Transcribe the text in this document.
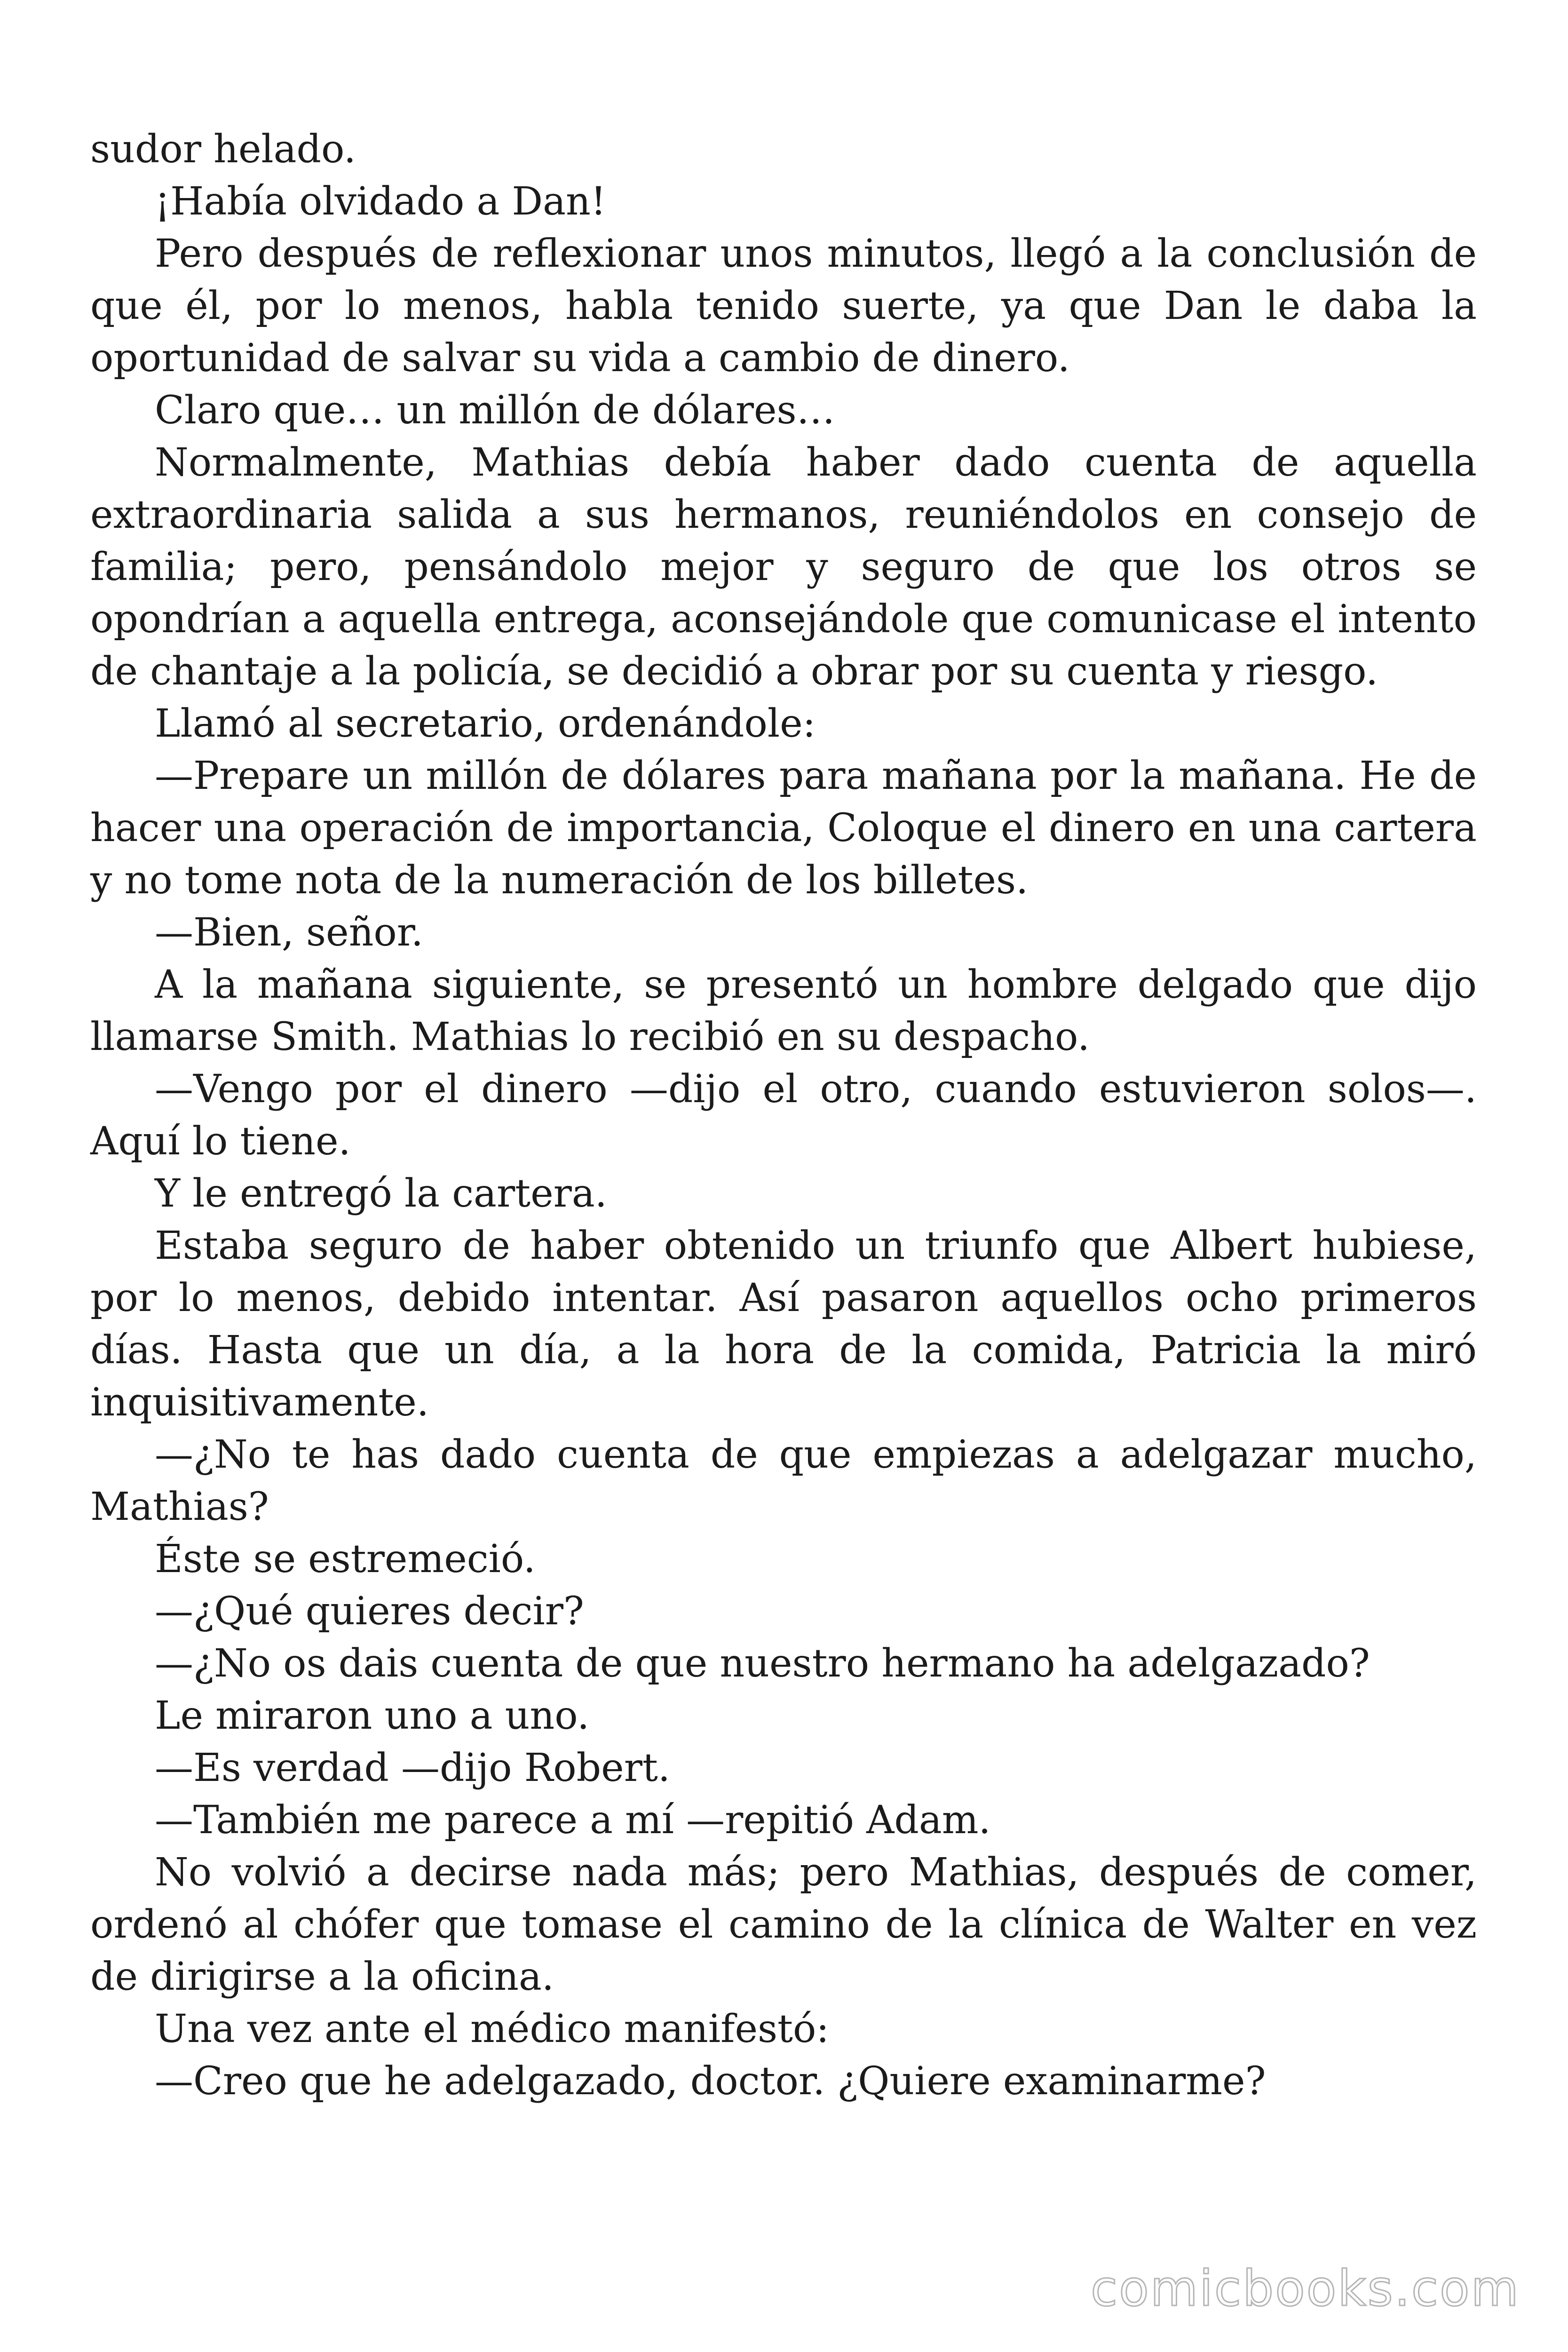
sudor helado.

¡Había olvidado a Dan!

Pero después de reflexionar unos minutos, llegó a la conclusión de que él, por lo menos, habla tenido suerte, ya que Dan le daba la oportunidad de salvar su vida a cambio de dinero.

Claro que… un millón de dólares…

Normalmente, Mathias debía haber dado cuenta de aquella extraordinaria salida a sus hermanos, reuniéndolos en consejo de familia; pero, pensándolo mejor y seguro de que los otros se opondrían a aquella entrega, aconsejándole que comunicase el intento de chantaje a la policía, se decidió a obrar por su cuenta y riesgo.

Llamó al secretario, ordenándole:

—Prepare un millón de dólares para mañana por la mañana. He de hacer una operación de importancia, Coloque el dinero en una cartera y no tome nota de la numeración de los billetes.

—Bien, señor.

A la mañana siguiente, se presentó un hombre delgado que dijo llamarse Smith. Mathias lo recibió en su despacho.

—Vengo por el dinero —dijo el otro, cuando estuvieron solos—. Aquí lo tiene.

Y le entregó la cartera.

Estaba seguro de haber obtenido un triunfo que Albert hubiese, por lo menos, debido intentar. Así pasaron aquellos ocho primeros días. Hasta que un día, a la hora de la comida, Patricia la miró inquisitivamente.

—¿No te has dado cuenta de que empiezas a adelgazar mucho, Mathias?

Éste se estremeció.

—¿Qué quieres decir?

—¿No os dais cuenta de que nuestro hermano ha adelgazado?

Le miraron uno a uno.

—Es verdad —dijo Robert.

—También me parece a mí —repitió Adam.

No volvió a decirse nada más; pero Mathias, después de comer, ordenó al chófer que tomase el camino de la clínica de Walter en vez de dirigirse a la oficina.

Una vez ante el médico manifestó:

—Creo que he adelgazado, doctor. ¿Quiere examinarme?

comicbooks.com
